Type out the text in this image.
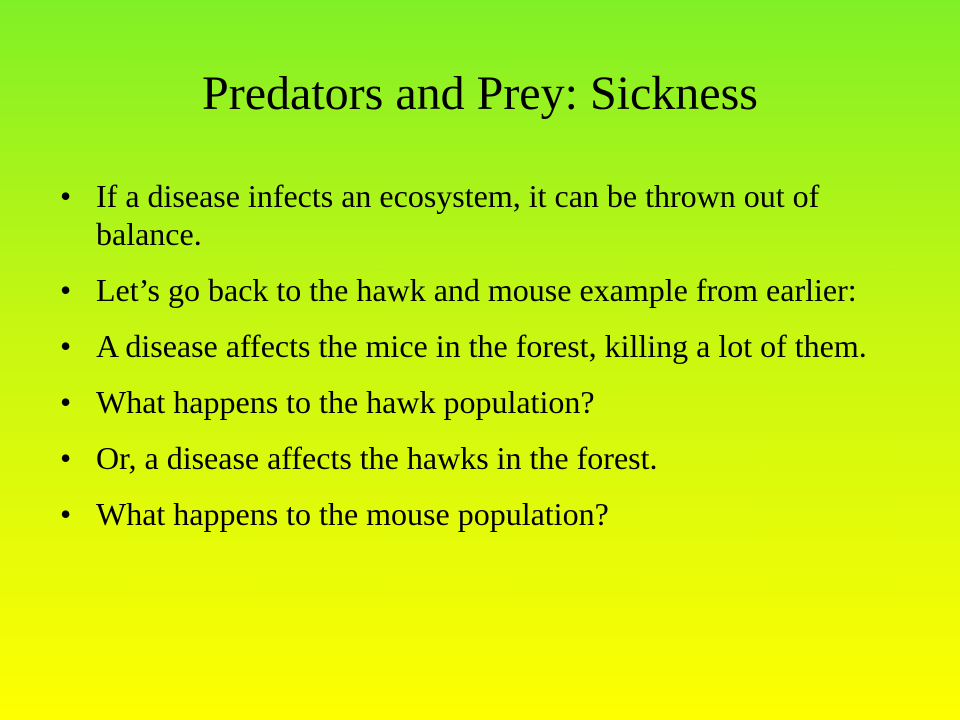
Predators and Prey: Sickness
• If a disease infects an ecosystem, it can be thrown out of balance.
• Let’s go back to the hawk and mouse example from earlier:
• A disease affects the mice in the forest, killing a lot of them.
• What happens to the hawk population?
• Or, a disease affects the hawks in the forest.
• What happens to the mouse population?
